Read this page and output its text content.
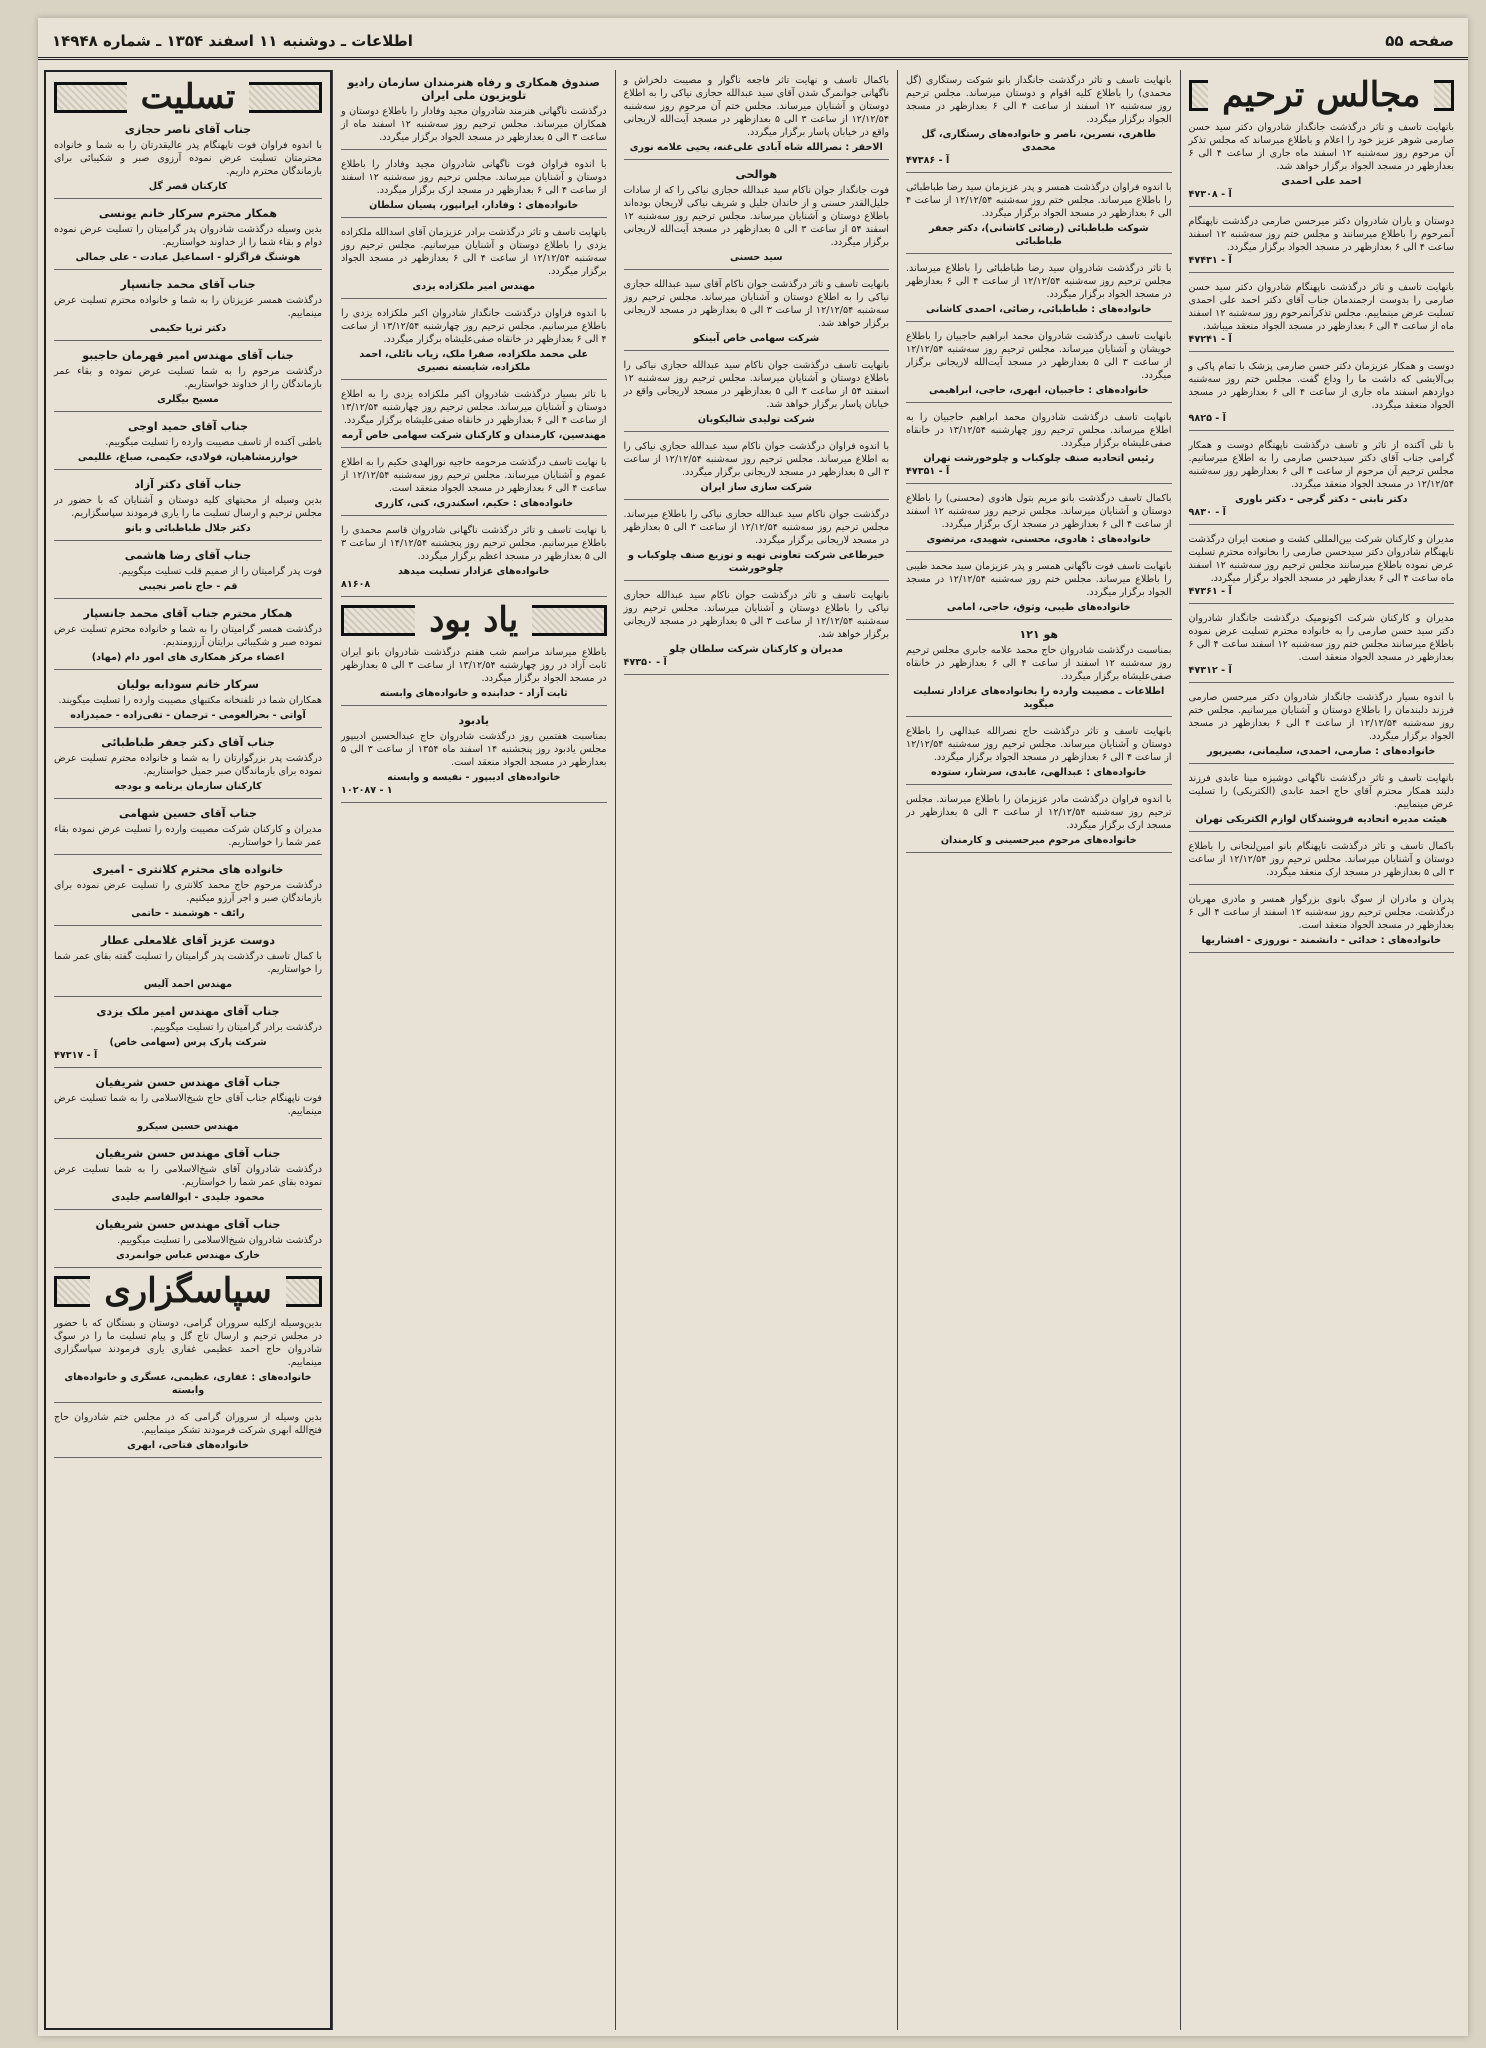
صفحه ۵۵
اطلاعات ـ دوشنبه ۱۱ اسفند ۱۳۵۴ ـ شماره ۱۴۹۴۸
تسلیت
جناب آقای ناصر حجازی

با اندوه فراوان فوت ناپهنگام پدر عالیقدرتان را به شما و خانواده محترمتان تسلیت عرض نموده آرزوی صبر و شکیبائی برای بازماندگان محترم داریم.

کارکنان قصر گل
همکار محترم سرکار خانم یونسی

بدین وسیله درگذشت شادروان پدر گرامیتان را تسلیت عرض نموده دوام و بقاء شما را از خداوند خواستاریم.

هوشنگ قراگزلو - اسماعیل عبادت - علی جمالی
جناب آقای محمد جانسپار

درگذشت همسر عزیزتان را به شما و خانواده محترم تسلیت عرض مینماییم.

دکتر ثریا حکیمی
جناب آقای مهندس امیر قهرمان حاجیبو

درگذشت مرحوم را به شما تسلیت عرض نموده و بقاء عمر بازماندگان را از خداوند خواستاریم.

مسیح بیگلری
جناب آقای حمید اوجی

باطنی آکنده از تاسف مصیبت وارده را تسلیت میگوییم.

خوارزمشاهیان، فولادی، حکیمی، صباغ، عللیمی
جناب آقای دکتر آزاد

بدین وسیله از محبتهای کلیه دوستان و آشنایان که با حضور در مجلس ترحیم و ارسال تسلیت ما را یاری فرمودند سپاسگزاریم.

دکتر جلال طباطبائی و بانو
جناب آقای رضا هاشمی

فوت پدر گرامیتان را از صمیم قلب تسلیت میگوییم.

قم - حاج ناصر نجیبی
همکار محترم جناب آقای محمد جانسپار

درگذشت همسر گرامیتان را به شما و خانواده محترم تسلیت عرض نموده صبر و شکیبائی برایتان آرزومندیم.

اعضاء مرکز همکاری های امور دام (مهاد)
سرکار خانم سودابه بولیان

همکاران شما در تلفنخانه مکتبهای مصیبت وارده را تسلیت میگویند.

آواتی - بحرالعومی - ترجمان - تقی‌زاده - حمیدزاده
جناب آقای دکتر جعفر طباطبائی

درگذشت پدر بزرگوارتان را به شما و خانواده محترم تسلیت عرض نموده برای بازماندگان صبر جمیل خواستاریم.

کارکنان سازمان برنامه و بودجه
جناب آقای حسین شهامی

مدیران و کارکنان شرکت مصیبت وارده را تسلیت عرض نموده بقاء عمر شما را خواستاریم.

خانواده های محترم کلانتری - امیری

درگذشت مرحوم حاج محمد کلانتری را تسلیت عرض نموده برای بازماندگان صبر و اجر آرزو میکنیم.

رائف - هوشمند - حاتمی
دوست عزیز آقای غلامعلی عطار

با کمال تاسف درگذشت پدر گرامیتان را تسلیت گفته بقای عمر شما را خواستاریم.

مهندس احمد آلیس
جناب آقای مهندس امیر ملک یزدی

درگذشت برادر گرامیتان را تسلیت میگوییم.

شرکت پارک پرس (سهامی خاص)
آ - ۴۷۳۱۷
جناب آقای مهندس حسن شریفیان

فوت ناپهنگام جناب آقای حاج شیخ‌الاسلامی را به شما تسلیت عرض مینماییم.

مهندس حسین سیکرو
جناب آقای مهندس حسن شریفیان

درگذشت شادروان آقای شیخ‌الاسلامی را به شما تسلیت عرض نموده بقای عمر شما را خواستاریم.

محمود جلیدی - ابوالقاسم جلیدی
جناب آقای مهندس حسن شریفیان

درگذشت شادروان شیخ‌الاسلامی را تسلیت میگوییم.

خارک مهندس عباس جوانمردی
سپاسگزاری

بدین‌وسیله ازکلیه سروران گرامی، دوستان و بستگان که با حضور در مجلس ترحیم و ارسال تاج گل و پیام تسلیت ما را در سوگ شادروان حاج احمد عظیمی غفاری یاری فرمودند سپاسگزاری مینماییم.

خانواده‌های : غفاری، عظیمی، عسگری و خانواده‌های وابسته

بدین وسیله از سروران گرامی که در مجلس ختم شادروان حاج فتح‌الله ابهری شرکت فرمودند تشکر مینماییم.

خانواده‌های فتاحی، ابهری
صندوق همکاری و رفاه هنرمندان سازمان رادیو تلویزیون ملی ایران

درگذشت ناگهانی هنرمند شادروان مجید وفادار را باطلاع دوستان و همکاران میرساند. مجلس ترحیم روز سه‌شنبه ۱۲ اسفند ماه از ساعت ۳ الی ۵ بعدازظهر در مسجد الجواد برگزار میگردد.

با اندوه فراوان فوت ناگهانی شادروان مجید وفادار را باطلاع دوستان و آشنایان میرساند. مجلس ترحیم روز سه‌شنبه ۱۲ اسفند از ساعت ۴ الی ۶ بعدازظهر در مسجد ارک برگزار میگردد.

خانواده‌های : وفادار، ایرانپور، پسیان سلطان

بانهایت تاسف و تاثر درگذشت برادر عزیزمان آقای اسدالله ملکزاده یزدی را باطلاع دوستان و آشنایان میرسانیم. مجلس ترحیم روز سه‌شنبه ۱۲/۱۲/۵۴ از ساعت ۴ الی ۶ بعدازظهر در مسجد الجواد برگزار میگردد.

مهندس امیر ملکزاده یزدی

با اندوه فراوان درگذشت جانگداز شادروان اکبر ملکزاده یزدی را باطلاع میرسانیم. مجلس ترحیم روز چهارشنبه ۱۳/۱۲/۵۴ از ساعت ۴ الی ۶ بعدازظهر در خانقاه صفی‌علیشاه برگزار میگردد.

علی محمد ملکزاده، صفرا ملک، زیاب نائلی، احمد ملکزاده، شایسته نصیری

با تاثر بسیار درگذشت شادروان اکبر ملکزاده یزدی را به اطلاع دوستان و آشنایان میرساند. مجلس ترحیم روز چهارشنبه ۱۳/۱۲/۵۴ از ساعت ۴ الی ۶ بعدازظهر در خانقاه صفی‌علیشاه برگزار میگردد.

مهندسین، کارمندان و کارکنان شرکت سهامی خاص آرمه

با نهایت تاسف درگذشت مرحومه حاجیه نورالهدی حکیم را به اطلاع عموم و آشنایان میرساند. مجلس ترحیم روز سه‌شنبه ۱۲/۱۲/۵۴ از ساعت ۴ الی ۶ بعدازظهر در مسجد الجواد منعقد است.

خانواده‌های : حکیم، اسکندری، کنی، کازری

با نهایت تاسف و تاثر درگذشت ناگهانی شادروان قاسم محمدی را باطلاع میرسانیم. مجلس ترحیم روز پنجشنبه ۱۴/۱۲/۵۴ از ساعت ۳ الی ۵ بعدازظهر در مسجد اعظم برگزار میگردد.

خانواده‌های عزادار تسلیت میدهد
۸۱۶۰۸
یاد بود

باطلاع میرساند مراسم شب هفتم درگذشت شادروان بانو ایران ثابت آزاد در روز چهارشنبه ۱۳/۱۲/۵۴ از ساعت ۳ الی ۵ بعدازظهر در مسجد الجواد برگزار میگردد.

ثابت آزاد - خدابنده و خانواده‌های وابسته
یادبود

بمناسبت هفتمین روز درگذشت شادروان حاج عبدالحسین ادیبپور مجلس یادبود روز پنجشنبه ۱۴ اسفند ماه ۱۳۵۴ از ساعت ۳ الی ۵ بعدازظهر در مسجد الجواد منعقد است.

خانواده‌های ادیبپور - نفیسه و وابسته
۱۰۲۰۸۷ - ۱

باکمال تاسف و نهایت تاثر فاجعه ناگوار و مصیبت دلخراش و ناگهانی جوانمرگ شدن آقای سید عبدالله حجازی نیاکی را به اطلاع دوستان و آشنایان میرساند. مجلس ختم آن مرحوم روز سه‌شنبه ۱۲/۱۲/۵۴ از ساعت ۳ الی ۵ بعدازظهر در مسجد آیت‌الله لاریجانی واقع در خیابان پاسار برگزار میگردد.

الاحقر : نصرالله شاه آبادی علی‌غنه، یحیی علامه نوری
هوالحی

فوت جانگداز جوان ناکام سید عبدالله حجازی نیاکی را که از سادات جلیل‌القدر حسنی و از خاندان جلیل و شریف نیاکی لاریجان بوده‌اند باطلاع دوستان و آشنایان میرساند. مجلس ترحیم روز سه‌شنبه ۱۲ اسفند ۵۴ از ساعت ۳ الی ۵ بعدازظهر در مسجد آیت‌الله لاریجانی برگزار میگردد.

سید حسنی

بانهایت تاسف و تاثر درگذشت جوان ناکام آقای سید عبدالله حجازی نیاکی را به اطلاع دوستان و آشنایان میرساند. مجلس ترحیم روز سه‌شنبه ۱۲/۱۲/۵۴ از ساعت ۳ الی ۵ بعدازظهر در مسجد لاریجانی برگزار خواهد شد.

شرکت سهامی خاص آبینکو

بانهایت تاسف درگذشت جوان ناکام سید عبدالله حجازی نیاکی را باطلاع دوستان و آشنایان میرساند. مجلس ترحیم روز سه‌شنبه ۱۲ اسفند ۵۴ از ساعت ۳ الی ۵ بعدازظهر در مسجد لاریجانی واقع در خیابان پاسار برگزار خواهد شد.

شرکت تولیدی شالیکوبان

با اندوه فراوان درگذشت جوان ناکام سید عبدالله حجازی نیاکی را به اطلاع میرساند. مجلس ترحیم روز سه‌شنبه ۱۲/۱۲/۵۴ از ساعت ۳ الی ۵ بعدازظهر در مسجد لاریجانی برگزار میگردد.

شرکت سازی ساز ایران

درگذشت جوان ناکام سید عبدالله حجازی نیاکی را باطلاع میرساند. مجلس ترحیم روز سه‌شنبه ۱۲/۱۲/۵۴ از ساعت ۳ الی ۵ بعدازظهر در مسجد لاریجانی برگزار میگردد.

خیرطاعی شرکت تعاونی تهیه و توزیع صنف چلوکباب و چلوخورشت

بانهایت تاسف و تاثر درگذشت جوان ناکام سید عبدالله حجازی نیاکی را باطلاع دوستان و آشنایان میرساند. مجلس ترحیم روز سه‌شنبه ۱۲/۱۲/۵۴ از ساعت ۳ الی ۵ بعدازظهر در مسجد لاریجانی برگزار خواهد شد.

مدیران و کارکنان شرکت سلطان چلو
آ - ۴۷۳۵۰

بانهایت تاسف و تاثر درگذشت جانگداز بانو شوکت رستگاری (گل محمدی) را باطلاع کلیه اقوام و دوستان میرساند. مجلس ترحیم روز سه‌شنبه ۱۲ اسفند از ساعت ۴ الی ۶ بعدازظهر در مسجد الجواد برگزار میگردد.

طاهری، نسرین، ناصر و خانواده‌های رستگاری، گل محمدی
آ - ۴۷۳۸۶

با اندوه فراوان درگذشت همسر و پدر عزیزمان سید رضا طباطبائی را باطلاع میرساند. مجلس ختم روز سه‌شنبه ۱۲/۱۲/۵۴ از ساعت ۴ الی ۶ بعدازظهر در مسجد الجواد برگزار میگردد.

شوکت طباطبائی (رضائی کاشانی)، دکتر جعفر طباطبائی

با تاثر درگذشت شادروان سید رضا طباطبائی را باطلاع میرساند. مجلس ترحیم روز سه‌شنبه ۱۲/۱۲/۵۴ از ساعت ۴ الی ۶ بعدازظهر در مسجد الجواد برگزار میگردد.

خانواده‌های : طباطبائی، رضائی، احمدی کاشانی

بانهایت تاسف درگذشت شادروان محمد ابراهیم حاجبیان را باطلاع خویشان و آشنایان میرساند. مجلس ترحیم روز سه‌شنبه ۱۲/۱۲/۵۴ از ساعت ۳ الی ۵ بعدازظهر در مسجد آیت‌الله لاریجانی برگزار میگردد.

خانواده‌های : حاجبیان، ابهری، حاجی، ابراهیمی

بانهایت تاسف درگذشت شادروان محمد ابراهیم حاجبیان را به اطلاع میرساند. مجلس ترحیم روز چهارشنبه ۱۳/۱۲/۵۴ در خانقاه صفی‌علیشاه برگزار میگردد.

رئیس اتحادیه صنف چلوکباب و چلوخورشت تهران
آ - ۴۷۳۵۱

باکمال تاسف درگذشت بانو مریم بتول هادوی (محسنی) را باطلاع دوستان و آشنایان میرساند. مجلس ترحیم روز سه‌شنبه ۱۲ اسفند از ساعت ۴ الی ۶ بعدازظهر در مسجد ارک برگزار میگردد.

خانواده‌های : هادوی، محسنی، شهیدی، مرتضوی

بانهایت تاسف فوت ناگهانی همسر و پدر عزیزمان سید محمد طیبی را باطلاع میرساند. مجلس ختم روز سه‌شنبه ۱۲/۱۲/۵۴ در مسجد الجواد برگزار میگردد.

خانواده‌های طیبی، وثوق، حاجی، امامی
هو ۱۲۱

بمناسبت درگذشت شادروان حاج محمد علامه جابری مجلس ترحیم روز سه‌شنبه ۱۲ اسفند از ساعت ۴ الی ۶ بعدازظهر در خانقاه صفی‌علیشاه برگزار میگردد.

اطلاعات ـ مصیبت وارده را بخانواده‌های عزادار تسلیت میگوید

بانهایت تاسف و تاثر درگذشت حاج نصرالله عبدالهی را باطلاع دوستان و آشنایان میرساند. مجلس ترحیم روز سه‌شنبه ۱۲/۱۲/۵۴ از ساعت ۴ الی ۶ بعدازظهر در مسجد الجواد برگزار میگردد.

خانواده‌های : عبدالهی، عابدی، سرشار، ستوده

با اندوه فراوان درگذشت مادر عزیزمان را باطلاع میرساند. مجلس ترحیم روز سه‌شنبه ۱۲/۱۲/۵۴ از ساعت ۳ الی ۵ بعدازظهر در مسجد ارک برگزار میگردد.

خانواده‌های مرحوم میرحسینی و کارمندان
مجالس ترحیم

بانهایت تاسف و تاثر درگذشت جانگداز شادروان دکتر سید حسن صارمی شوهر عزیز خود را اعلام و باطلاع میرساند که مجلس تذکر آن مرحوم روز سه‌شنبه ۱۲ اسفند ماه جاری از ساعت ۴ الی ۶ بعدازظهر در مسجد الجواد برگزار خواهد شد.

احمد علی احمدی
آ - ۴۷۳۰۸

دوستان و یاران شادروان دکتر میرحسن صارمی درگذشت ناپهنگام آنمرحوم را باطلاع میرسانند و مجلس ختم روز سه‌شنبه ۱۲ اسفند ساعت ۴ الی ۶ بعدازظهر در مسجد الجواد برگزار میگردد.

آ - ۴۷۴۳۱

بانهایت تاسف و تاثر درگذشت ناپهنگام شادروان دکتر سید حسن صارمی را بدوست ارجمندمان جناب آقای دکتر احمد علی احمدی تسلیت عرض مینماییم. مجلس تذکرآنمرحوم روز سه‌شنبه ۱۲ اسفند ماه از ساعت ۴ الی ۶ بعدازظهر در مسجد الجواد منعقد میباشد.

آ - ۴۷۲۴۱

دوست و همکار عزیزمان دکتر حسن صارمی پزشک با تمام پاکی و بی‌آلایشی که داشت ما را وداع گفت. مجلس ختم روز سه‌شنبه دوازدهم اسفند ماه جاری از ساعت ۴ الی ۶ بعدازظهر در مسجد الجواد منعقد میگردد.

آ - ۹۸۲۵

با تلی آکنده از تاثر و تاسف درگذشت ناپهنگام دوست و همکار گرامی جناب آقای دکتر سیدحسن صارمی را به اطلاع میرسانیم. مجلس ترحیم آن مرحوم از ساعت ۴ الی ۶ بعدازظهر روز سه‌شنبه ۱۲/۱۲/۵۴ در مسجد الجواد منعقد میگردد.

دکتر نابتی - دکتر گرجی - دکتر باوری
آ - ۹۸۳۰

مدیران و کارکنان شرکت بین‌المللی کشت و صنعت ایران درگذشت ناپهنگام شادروان دکتر سیدحسن صارمی را بخانواده محترم تسلیت عرض نموده باطلاع میرسانند مجلس ترحیم روز سه‌شنبه ۱۲ اسفند ماه ساعت ۴ الی ۶ بعدازظهر در مسجد الجواد برگزار میگردد.

آ - ۴۷۳۶۱

مدیران و کارکنان شرکت اکونومیک درگذشت جانگداز شادروان دکتر سید حسن صارمی را به خانواده محترم تسلیت عرض نموده باطلاع میرسانند مجلس ختم روز سه‌شنبه ۱۲ اسفند ساعت ۴ الی ۶ بعدازظهر در مسجد الجواد منعقد است.

آ - ۴۷۳۱۲

با اندوه بسیار درگذشت جانگداز شادروان دکتر میرحسن صارمی فرزند دلبندمان را باطلاع دوستان و آشنایان میرسانیم. مجلس ختم روز سه‌شنبه ۱۲/۱۲/۵۴ از ساعت ۴ الی ۶ بعدازظهر در مسجد الجواد برگزار میگردد.

خانواده‌های : صارمی، احمدی، سلیمانی، بصیرپور

بانهایت تاسف و تاثر درگذشت ناگهانی دوشیزه مینا عابدی فرزند دلبند همکار محترم آقای حاج احمد عابدی (الکتریکی) را تسلیت عرض مینماییم.

هیئت مدیره اتحادیه فروشندگان لوازم الکتریکی تهران

باکمال تاسف و تاثر درگذشت ناپهنگام بانو امین‌لنجانی را باطلاع دوستان و آشنایان میرساند. مجلس ترحیم روز ۱۲/۱۲/۵۴ از ساعت ۳ الی ۵ بعدازظهر در مسجد ارک منعقد میگردد.

پدران و مادران از سوگ بانوی بزرگوار همسر و مادری مهربان درگذشت. مجلس ترحیم روز سه‌شنبه ۱۲ اسفند از ساعت ۴ الی ۶ بعدازظهر در مسجد الجواد منعقد است.

خانواده‌های : خدائی - دانشمند - نوروزی - افشاریها
